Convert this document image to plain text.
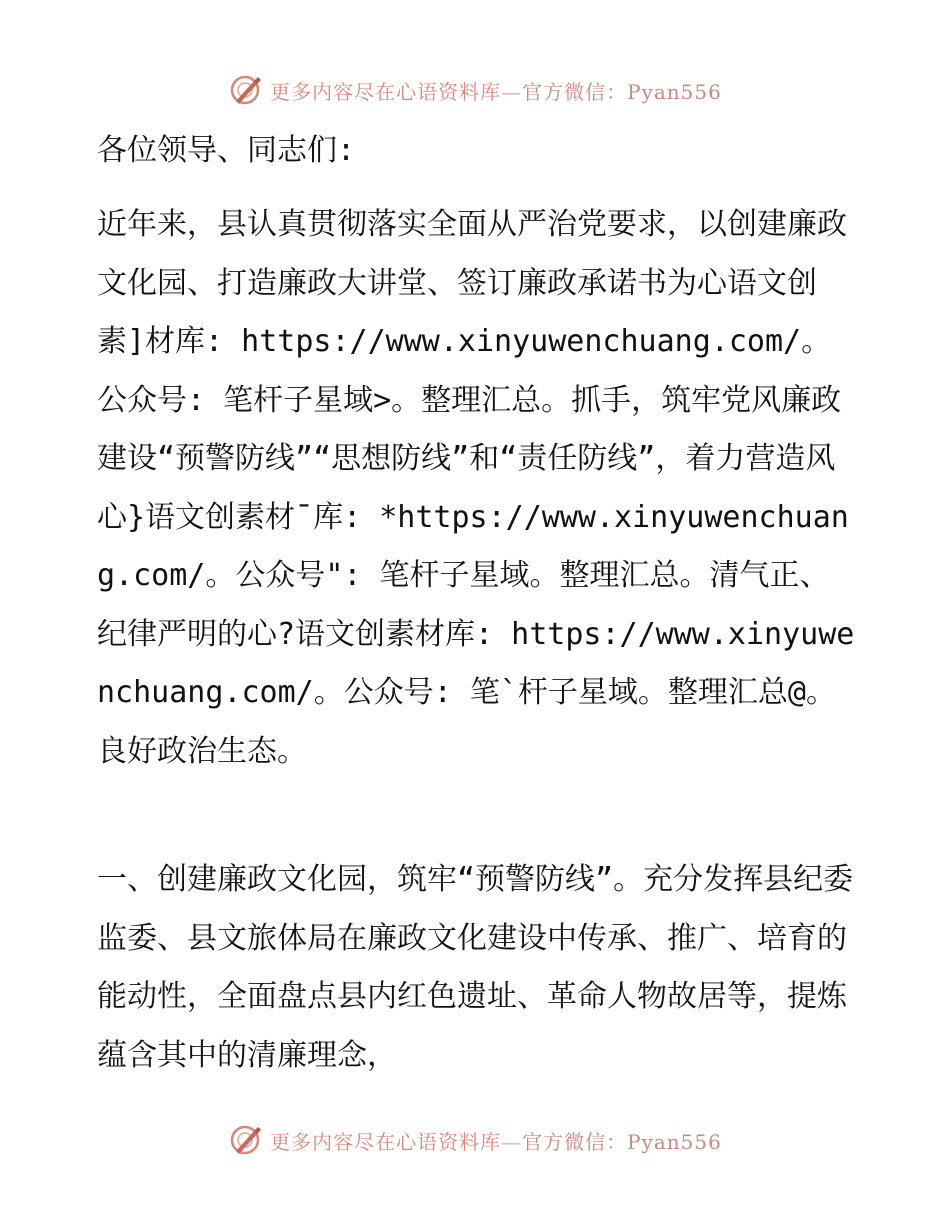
更多内容尽在心语资料库—官方微信：Pyan556

各位领导、同志们:

近年来，县认真贯彻落实全面从严治党要求，以创建廉政文化园、打造廉政大讲堂、签订廉政承诺书为心语文创素]材库: https://www.xinyuwenchuang.com/。公众号: 笔杆子星域>。整理汇总。抓手，筑牢党风廉政建设“预警防线”“思想防线”和“责任防线”，着力营造风心}语文创素材¯库: *https://www.xinyuwenchuang.com/。公众号": 笔杆子星域。整理汇总。清气正、纪律严明的心?语文创素材库: https://www.xinyuwenchuang.com/。公众号: 笔`杆子星域。整理汇总@。良好政治生态。

一、创建廉政文化园，筑牢“预警防线”。充分发挥县纪委监委、县文旅体局在廉政文化建设中传承、推广、培育的能动性，全面盘点县内红色遗址、革命人物故居等，提炼蕴含其中的清廉理念，

更多内容尽在心语资料库—官方微信：Pyan556
